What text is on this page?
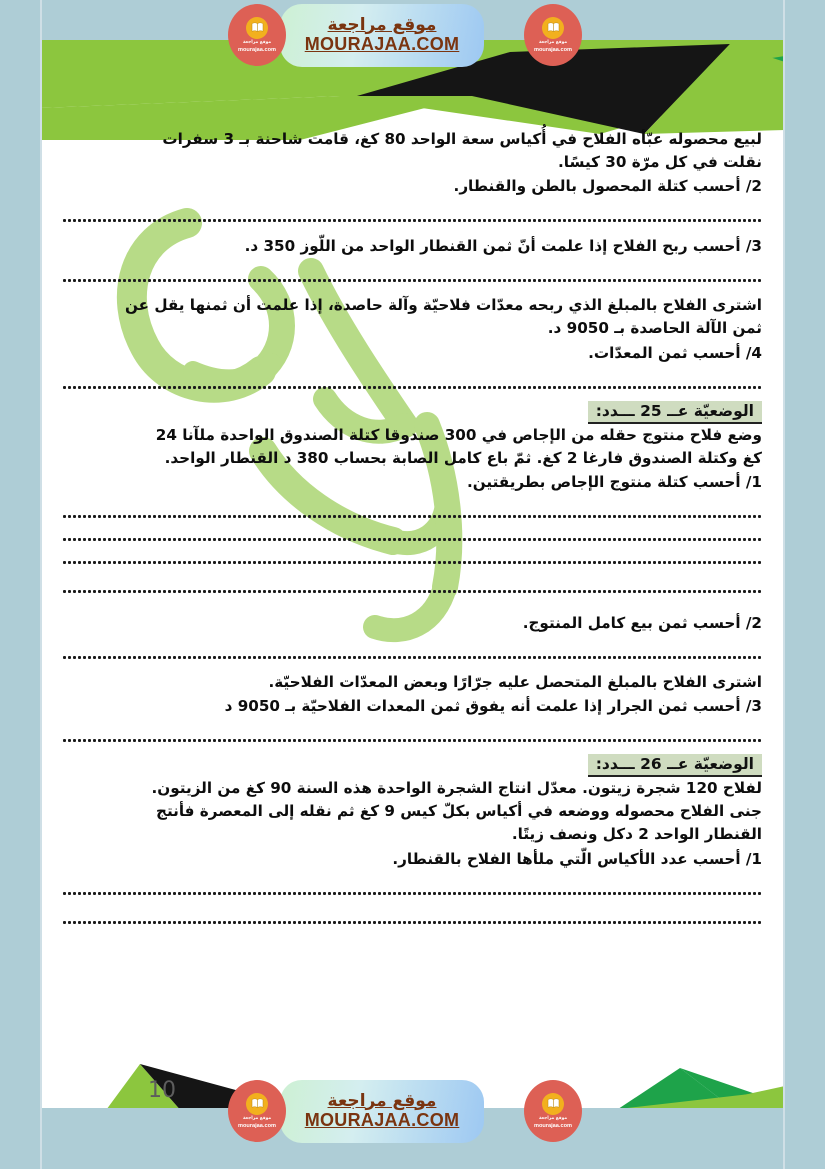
10

لبيع محصوله عبّأه الفلاح في أُكياس سعة الواحد 80 كغ، قامت شاحنة بـ 3 سفرات

نقلت في كل مرّة 30 كيسًا.

2/ أحسب كتلة المحصول بالطن والقنطار.

3/ أحسب ربح الفلاح إذا علمت أنّ ثمن القنطار الواحد من اللّوز 350 د.

اشترى الفلاح بالمبلغ الذي ربحه معدّات فلاحيّة وآلة حاصدة، إذا علمت أن ثمنها يقل عن

ثمن الآلة الحاصدة بـ 9050 د.

4/ أحسب ثمن المعدّات.

الوضعيّة عــ 25 ـــدد:

وضع فلاح منتوج حقله من الإجاص في 300 صندوقا كتلة الصندوق الواحدة ملآنا 24

كغ وكتلة الصندوق فارغا 2 كغ. ثمّ باع كامل الصابة بحساب 380 د القنطار الواحد.

1/ أحسب كتلة منتوج الإجاص بطريقتين.

2/ أحسب ثمن بيع كامل المنتوج.

اشترى الفلاح بالمبلغ المتحصل عليه جرّارًا وبعض المعدّات الفلاحيّة.

3/ أحسب ثمن الجرار إذا علمت أنه يفوق ثمن المعدات الفلاحيّة بـ 9050 د

الوضعيّة عــ 26 ـــدد:

لفلاح 120 شجرة زيتون. معدّل انتاج الشجرة الواحدة هذه السنة 90 كغ من الزيتون.

جنى الفلاح محصوله ووضعه في أكياس بكلّ كيس 9 كغ ثم نقله إلى المعصرة فأنتج

القنطار الواحد 2 دكل ونصف زيتًا.

1/ أحسب عدد الأكياس الّتي ملأها الفلاح بالقنطار.

موقع مراجعة
MOURAJAA.COM
موقع مراجعة
mourajaa.com
موقع مراجعة
mourajaa.com
موقع مراجعة
MOURAJAA.COM
موقع مراجعة
mourajaa.com
موقع مراجعة
mourajaa.com
